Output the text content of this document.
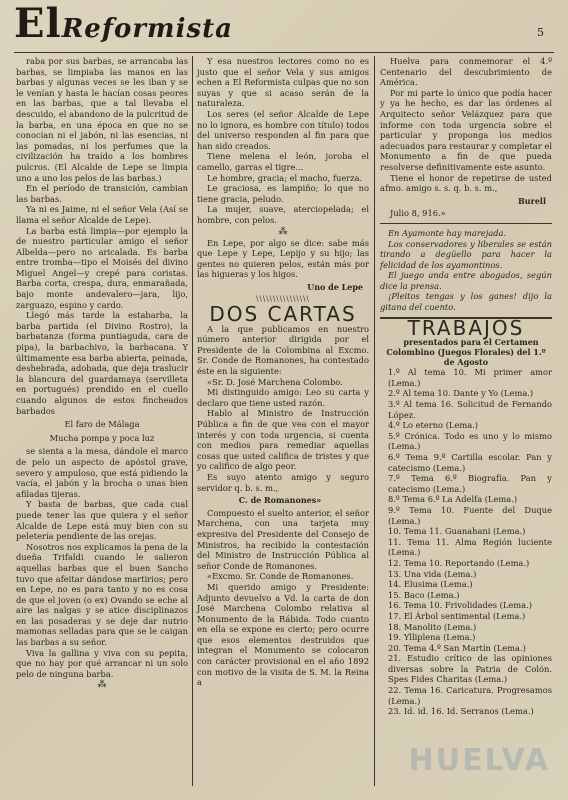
ElReformista	5

raba por sus barbas, se arrancaba las barbas, se limpiaba las manos en las barbas y algunas veces se les iban y se le venían y hasta le hacían cosas peores en las barbas, que a tal llevaba el descuido, el abandono de la pulcritud de la barba, en una época en que no se conocían ni el jabón, ni las esencias, ni las pomadas, ni los perfumes que la civilización ha traído a los hombres pulcros. (El Alcalde de Lepe se limpia uno a uno los pelos de las barbas.)

En el período de transición, cambian las barbas.

Ya ni es Jaime, ni el señor Vela (Así se llama el señor Alcalde de Lepe).

La barba está limpia—por ejemplo la de nuestro particular amigo el señor Albelda—pero no aricalada. Es barba entre tromba—tipo el Moisés del divino Miguel Angel—y crepé para coristas. Barba corta, crespa, dura, enmarañada, bajo monte andevalero—jara, lijo, zarguazo, espino y cardo.

Llegó más tarde la estabarba, la barba partida (el Divino Rostro), la barbatanza (forma puntiaguda, cara de pipa), la barbachivo, la barbacana. Y últimamente esa barba abierta, peinada, deshebrada, adobada, que deja traslucir la blancura del guardamaya (servilleta en portugués) prendido en el cuello cuando algunos de estos fincheados barbados

El faro de Málaga

Mucha pompa y poca luz

se sienta a la mesa, dándole el marco de pelo un aspecto de apóstol grave, severo y ampuloso, que está pidiendo la vacía, el jabón y la brocha o unas bien afiladas tijeras.

Y basta de barbas, que cada cual puede tener las que quiera y el señor Alcalde de Lepe está muy bien con su peletería pendiente de las orejas.

Nosotros nos explicamos la pena de la dueña Trifaldi cuando le salieron aquellas barbas que el buen Sancho tuvo que afeitar dándose martirios; pero en Lepe, no es para tanto y no es cosa de que el joven (o ex) Ovando se eche al aire las nalgas y se atice disciplinazos en las posaderas y se deje dar nutrio mamonas selladas para que se le caigan las barbas a su señor.

Viva la gallina y viva con su pepita, que no hay por qué arrancar ni un solo pelo de ninguna barba.

⁂

Y esa nuestros lectores como no es justo que el señor Vela y sus amigos echen a El Reformista culpas que no son suyas y que si acaso serán de la naturaleza.

Los seres (el señor Alcalde de Lepe no lo ignora, es hombre con título) todos del universo responden al fin para que han sido creados.

Tiene melena el león, joroba el camello, garras el tigre...

Le hombre, gracia; el macho, fuerza.

Le graciosa, es lampiño; lo que no tiene gracia, peludo.

La mujer, suave, aterciopelada; el hombre, con pelos.

⁂

En Lepe, por algo se dice: sabe más que Lepe y Lepe, Lepijo y su hijo; las gentes no quieren pelos, están más por las higueras y los higos.

Uno de Lepe
\\\\\\\\\\\\\\\\
DOS CARTAS

A la que publicamos en nuestro número anterior dirigida por el Presidente de la Colombina al Excmo. Sr. Conde de Romanones, ha contestado éste en la siguiente:

«Sr. D. José Marchena Colombo.

Mi distinguido amigo: Leo su carta y declaro que tiene usted razón.

Hablo al Ministro de Instrucción Pública a fin de que vea con el mayor interés y con toda urgencia, si cuenta con medios para remediar aquellas cosas que usted califica de tristes y que yo califico de algo peor.

Es suyo atento amigo y seguro servidor q. b. s. m.,

C. de Romanones»

Compuesto el suelto anterior, el señor Marchena, con una tarjeta muy expresiva del Presidente del Consejo de Ministros, ha recibido la contestación del Ministro de Instrucción Pública al señor Conde de Romanones.

«Excmo. Sr. Conde de Romanones.

Mi querido amigo y Presidente: Adjunto devuelvo a Vd. la carta de don José Marchena Colombo relativa al Monumento de la Rábida. Todo cuanto en ella se expone es cierto; pero ocurre que esos elementos destruidos que integran el Monumento se colocaron con carácter provisional en el año 1892 con motivo de la visita de S. M. la Reina a

Huelva para conmemorar el 4.º Centenario del descubrimiento de América.

Por mi parte lo único que podía hacer y ya he hecho, es dar las órdenes al Arquitecto señor Velázquez para que informe con toda urgencia sobre el particular y proponga los medios adecuados para restaurar y completar el Monumento a fin de que pueda resolverse definitivamente este asunto.

Tiene el honor de repetirse de usted afmo. amigo s. s. q. b. s. m.,

Burell

Julio 8, 916.»

En Ayamonte hay marejada.

Los conservadores y liberales se están tirando a degüello para hacer la felicidad de los ayamontinos.

El juego anda entre abogados, según dice la prensa.

¡Pleitos tengas y los ganes! dijo la gitana del cuento.

TRABAJOS

presentados para el Certamen Colombino (Juegos Florales) del 1.º de Agosto

1.º Al tema 10. Mi primer amor (Lema.)

2.º Al tema 10. Dante y Yo (Lema.)

3.º Al tema 16. Solicitud de Fernando López.

4.º Lo eterno (Lema.)

5.º Crónica. Todo es uno y lo mismo (Lema.)

6.º Tema 9.º Cartilla escolar. Pan y catecismo (Lema.)

7.º Tema 6.º Biografía. Pan y catecismo (Lema.)

8.º Tema 6.º La Adelfa (Lema.)

9.º Tema 10. Fuente del Duque (Lema.)

10. Tema 11. Guanahani (Lema.)

11. Tema 11. Alma Región luciente (Lema.)

12. Tema 10. Reportando (Lema.)

13. Una vida (Lema.)

14. Elusima (Lema.)

15. Baco (Lema.)

16. Tema 10. Frivolidades (Lema.)

17. El Árbol sentimental (Lema.)

18. Manolito (Lema.)

19. Ylliplena (Lema.)

20. Tema 4.º San Martín (Lema.)

21. Estudio crítico de las opiniones diversas sobre la Patria de Colón. Spes Fides Charitas (Lema.)

22. Tema 16. Caricatura. Progresamos (Lema.)

23. Id. id. 16. Id. Serranos (Lema.)

HUELVA
